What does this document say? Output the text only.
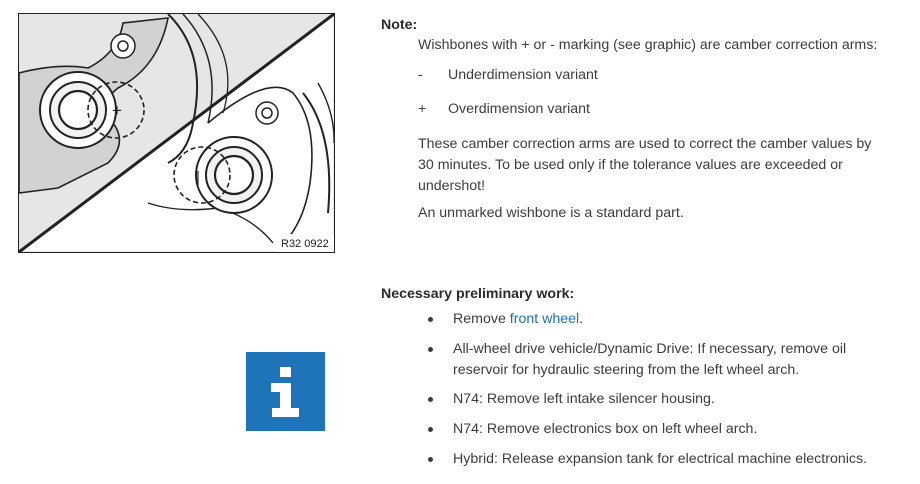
+
|
R32 0922
Note:
Wishbones with + or - marking (see graphic) are camber correction arms:
- Underdimension variant
+ Overdimension variant
These camber correction arms are used to correct the camber values by 30 minutes. To be used only if the tolerance values are exceeded or undershot!
An unmarked wishbone is a standard part.
Necessary preliminary work:
Remove front wheel.
All-wheel drive vehicle/Dynamic Drive: If necessary, remove oil reservoir for hydraulic steering from the left wheel arch.
N74: Remove left intake silencer housing.
N74: Remove electronics box on left wheel arch.
Hybrid: Release expansion tank for electrical machine electronics.
